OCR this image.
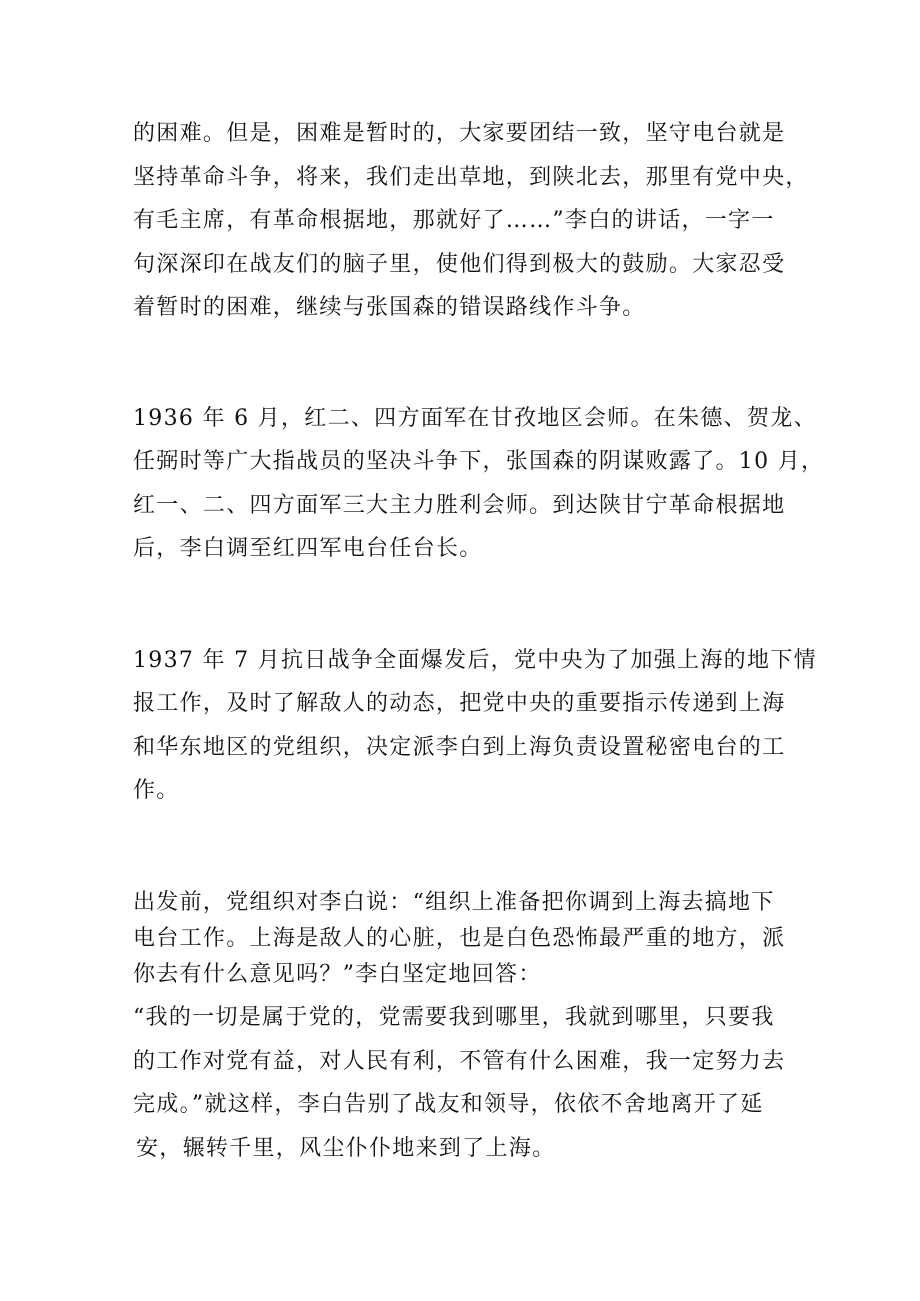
的困难。但是，困难是暂时的，大家要团结一致，坚守电台就是

坚持革命斗争，将来，我们走出草地，到陕北去，那里有党中央，

有毛主席，有革命根据地，那就好了……”李白的讲话，一字一

句深深印在战友们的脑子里，使他们得到极大的鼓励。大家忍受

着暂时的困难，继续与张国森的错误路线作斗争。

1936 年 6 月，红二、四方面军在甘孜地区会师。在朱德、贺龙、

任弼时等广大指战员的坚决斗争下，张国森的阴谋败露了。10 月，

红一、二、四方面军三大主力胜利会师。到达陕甘宁革命根据地

后，李白调至红四军电台任台长。

1937 年 7 月抗日战争全面爆发后，党中央为了加强上海的地下情

报工作，及时了解敌人的动态，把党中央的重要指示传递到上海

和华东地区的党组织，决定派李白到上海负责设置秘密电台的工

作。

出发前，党组织对李白说：“组织上准备把你调到上海去搞地下

电台工作。上海是敌人的心脏，也是白色恐怖最严重的地方，派

你去有什么意见吗？”李白坚定地回答：

“我的一切是属于党的，党需要我到哪里，我就到哪里，只要我

的工作对党有益，对人民有利，不管有什么困难，我一定努力去

完成。”就这样，李白告别了战友和领导，依依不舍地离开了延

安，辗转千里，风尘仆仆地来到了上海。
